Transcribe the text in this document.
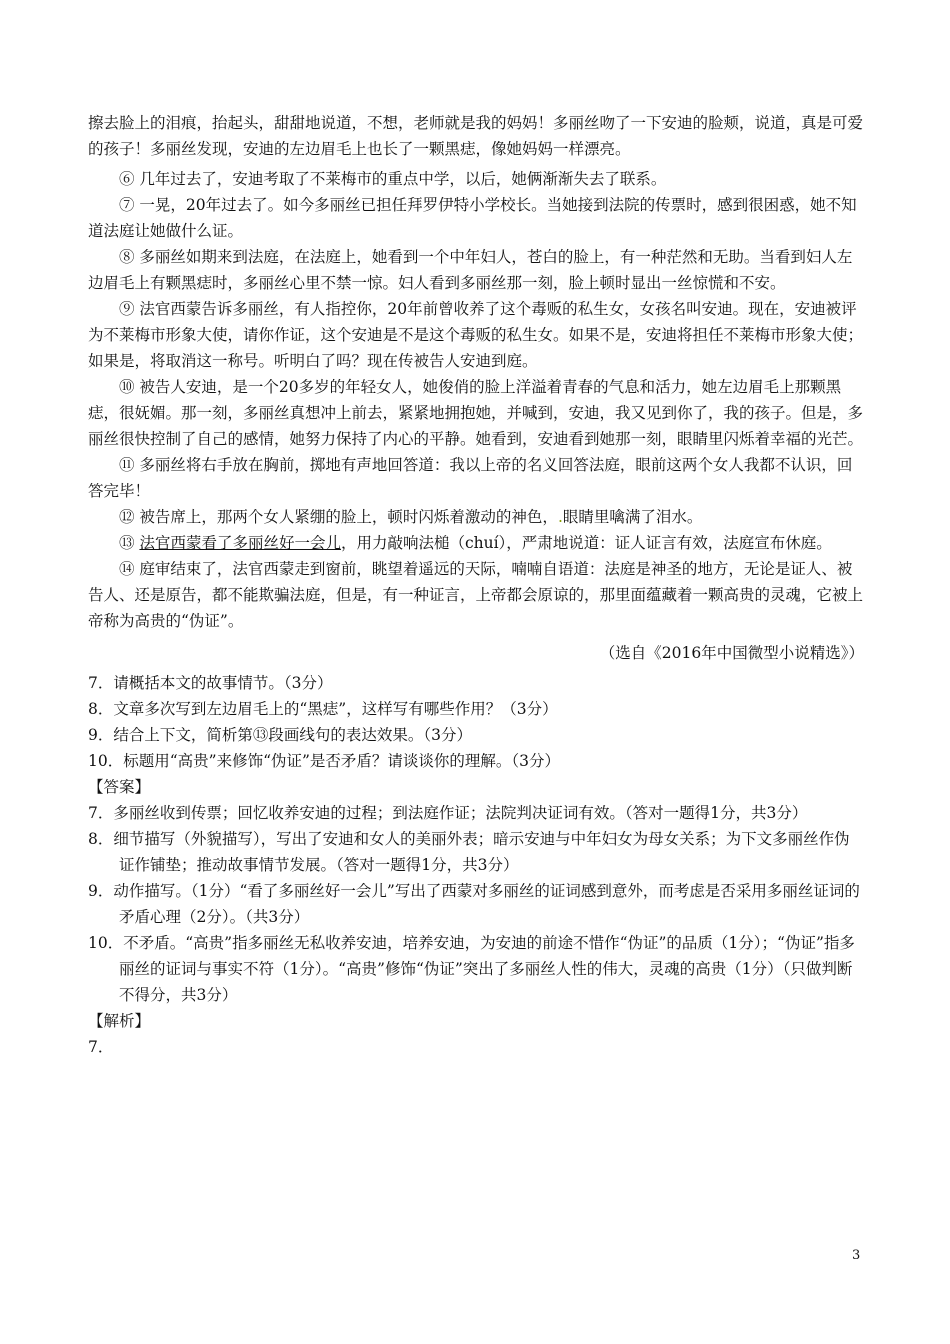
擦去脸上的泪痕，抬起头，甜甜地说道，不想，老师就是我的妈妈！多丽丝吻了一下安迪的脸颊，说道，真是可爱的孩子！多丽丝发现，安迪的左边眉毛上也长了一颗黑痣，像她妈妈一样漂亮。

⑥ 几年过去了，安迪考取了不莱梅市的重点中学，以后，她俩渐渐失去了联系。

⑦ 一晃，20年过去了。如今多丽丝已担任拜罗伊特小学校长。当她接到法院的传票时，感到很困惑，她不知道法庭让她做什么证。

⑧ 多丽丝如期来到法庭，在法庭上，她看到一个中年妇人，苍白的脸上，有一种茫然和无助。当看到妇人左边眉毛上有颗黑痣时，多丽丝心里不禁一惊。妇人看到多丽丝那一刻，脸上顿时显出一丝惊慌和不安。

⑨ 法官西蒙告诉多丽丝，有人指控你，20年前曾收养了这个毒贩的私生女，女孩名叫安迪。现在，安迪被评为不莱梅市形象大使，请你作证，这个安迪是不是这个毒贩的私生女。如果不是，安迪将担任不莱梅市形象大使；如果是，将取消这一称号。听明白了吗？现在传被告人安迪到庭。

⑩ 被告人安迪，是一个20多岁的年轻女人，她俊俏的脸上洋溢着青春的气息和活力，她左边眉毛上那颗黑痣，很妩媚。那一刻，多丽丝真想冲上前去，紧紧地拥抱她，并喊到，安迪，我又见到你了，我的孩子。但是，多丽丝很快控制了自己的感情，她努力保持了内心的平静。她看到，安迪看到她那一刻，眼睛里闪烁着幸福的光芒。

⑪ 多丽丝将右手放在胸前，掷地有声地回答道：我以上帝的名义回答法庭，眼前这两个女人我都不认识，回答完毕！

⑫ 被告席上，那两个女人紧绷的脸上，顿时闪烁着激动的神色，.眼睛里噙满了泪水。

⑬ 法官西蒙看了多丽丝好一会儿，用力敲响法槌（chuí），严肃地说道：证人证言有效，法庭宣布休庭。

⑭ 庭审结束了，法官西蒙走到窗前，眺望着遥远的天际，喃喃自语道：法庭是神圣的地方，无论是证人、被告人、还是原告，都不能欺骗法庭，但是，有一种证言，上帝都会原谅的，那里面蕴藏着一颗高贵的灵魂，它被上帝称为高贵的“伪证”。

（选自《2016年中国微型小说精选》）

7．请概括本文的故事情节。（3分）

8．文章多次写到左边眉毛上的“黑痣”，这样写有哪些作用？（3分）

9．结合上下文，简析第⑬段画线句的表达效果。（3分）

10．标题用“高贵”来修饰“伪证”是否矛盾？请谈谈你的理解。（3分）

【答案】

7．多丽丝收到传票；回忆收养安迪的过程；到法庭作证；法院判决证词有效。（答对一题得1分，共3分）

8．细节描写（外貌描写），写出了安迪和女人的美丽外表；暗示安迪与中年妇女为母女关系；为下文多丽丝作伪证作铺垫；推动故事情节发展。（答对一题得1分，共3分）

9．动作描写。（1分）“看了多丽丝好一会儿”写出了西蒙对多丽丝的证词感到意外，而考虑是否采用多丽丝证词的矛盾心理（2分）。（共3分）

10．不矛盾。“高贵”指多丽丝无私收养安迪，培养安迪，为安迪的前途不惜作“伪证”的品质（1分）；“伪证”指多丽丝的证词与事实不符（1分）。“高贵”修饰“伪证”突出了多丽丝人性的伟大，灵魂的高贵（1分）（只做判断不得分，共3分）

【解析】

7．

3
